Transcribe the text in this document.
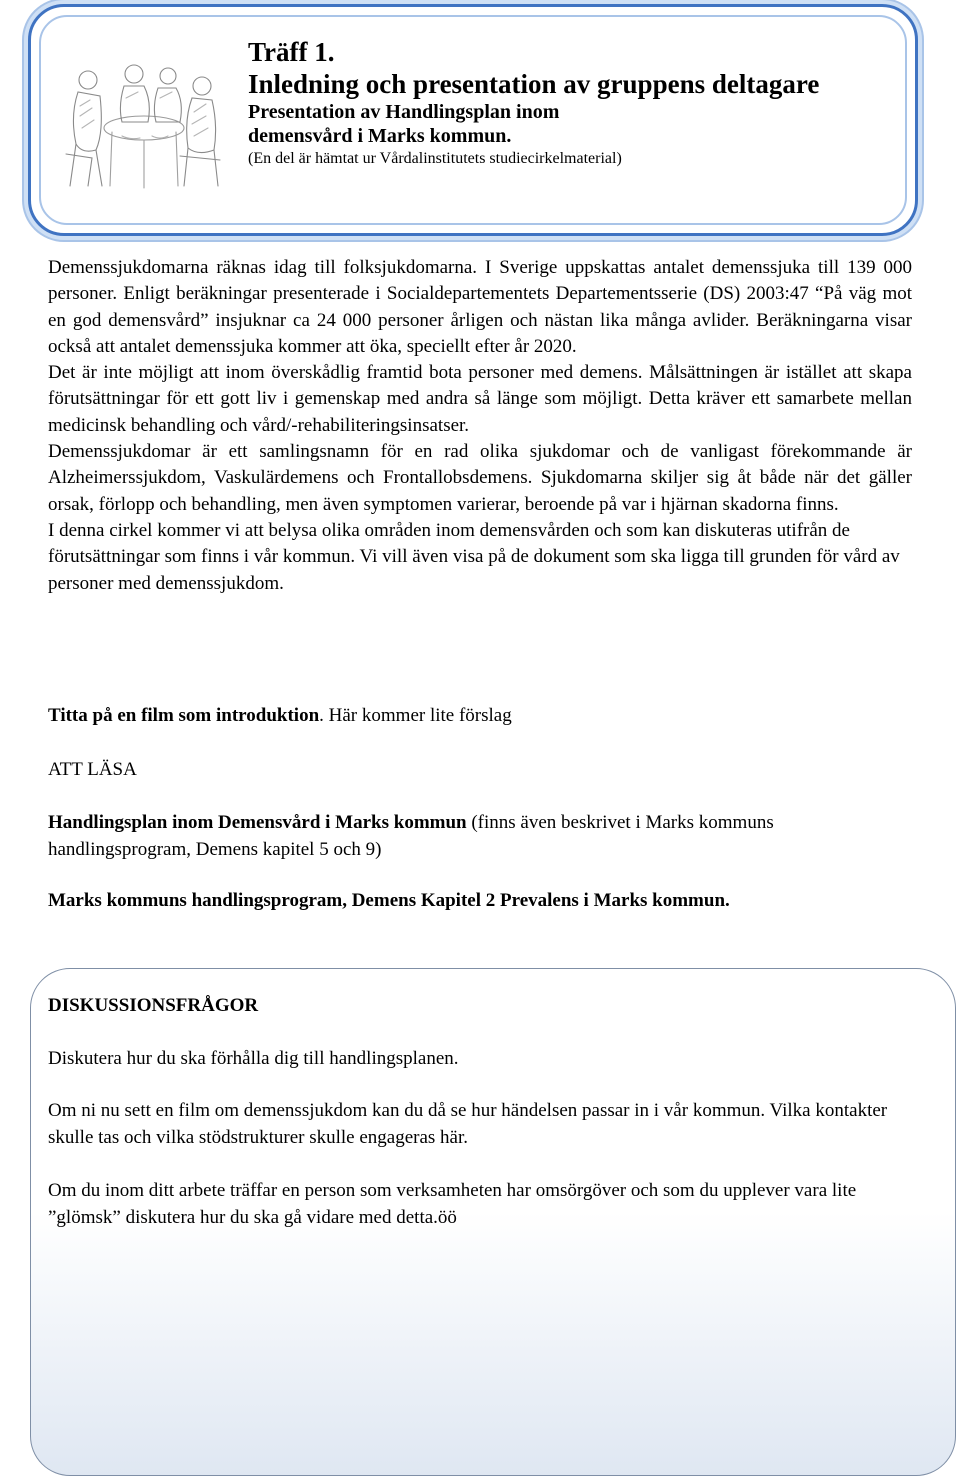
Träff 1.

Inledning och presentation av gruppens deltagare

Presentation av Handlingsplan inom

demensvård i Marks kommun.

(En del är hämtat ur Vårdalinstitutets studiecirkelmaterial)

Demenssjukdomarna räknas idag till folksjukdomarna. I Sverige uppskattas antalet demenssjuka till 139 000 personer. Enligt beräkningar presenterade i Socialdepartementets Departementsserie (DS) 2003:47 “På väg mot en god demensvård” insjuknar ca 24 000 personer årligen och nästan lika många avlider. Beräkningarna visar också att antalet demenssjuka kommer att öka, speciellt efter år 2020.

Det är inte möjligt att inom överskådlig framtid bota personer med demens. Målsättningen är istället att skapa förutsättningar för ett gott liv i gemenskap med andra så länge som möjligt. Detta kräver ett samarbete mellan medicinsk behandling och vård/-rehabiliteringsinsatser.

Demenssjukdomar är ett samlingsnamn för en rad olika sjukdomar och de vanligast förekommande är Alzheimerssjukdom, Vaskulärdemens och Frontallobsdemens. Sjukdomarna skiljer sig åt både när det gäller orsak, förlopp och behandling, men även symptomen varierar, beroende på var i hjärnan skadorna finns.

I denna cirkel kommer vi att belysa olika områden inom demensvården och som kan diskuteras utifrån de förutsättningar som finns i vår kommun. Vi vill även visa på de dokument som ska ligga till grunden för vård av personer med demenssjukdom.

Titta på en film som introduktion. Här kommer lite förslag

ATT LÄSA

Handlingsplan inom Demensvård i Marks kommun (finns även beskrivet i Marks kommuns handlingsprogram, Demens kapitel 5 och 9)

Marks kommuns handlingsprogram, Demens Kapitel 2 Prevalens i Marks kommun.

DISKUSSIONSFRÅGOR

Diskutera hur du ska förhålla dig till handlingsplanen.

Om ni nu sett en film om demenssjukdom kan du då se hur händelsen passar in i vår kommun. Vilka kontakter skulle tas och vilka stödstrukturer skulle engageras här.

Om du inom ditt arbete träffar en person som verksamheten har omsörgöver och som du upplever vara lite ”glömsk” diskutera hur du ska gå vidare med detta.öö
